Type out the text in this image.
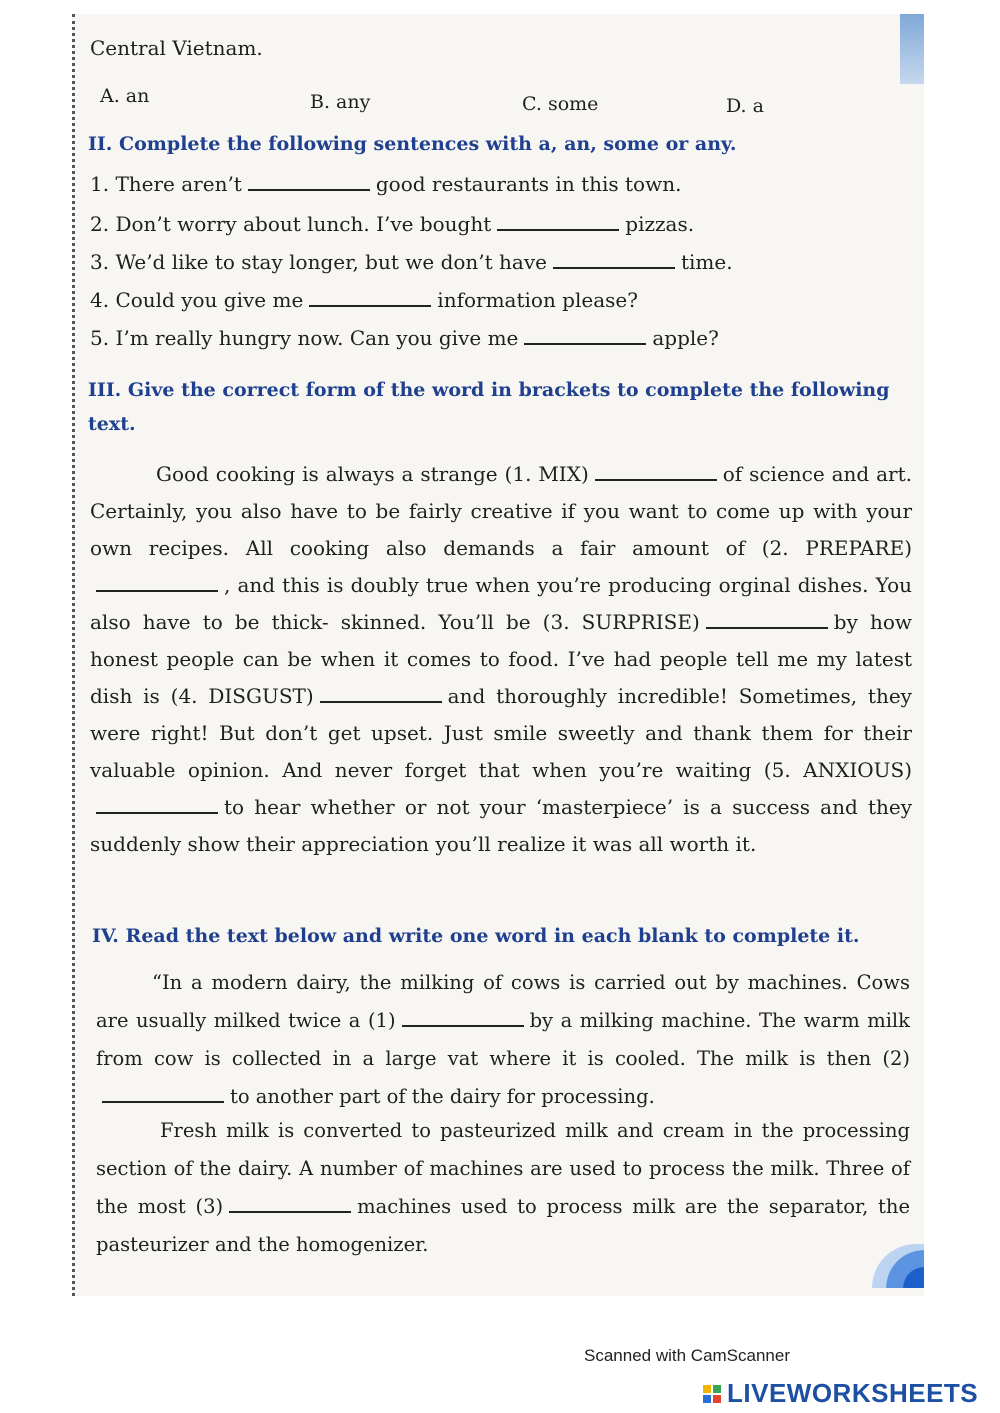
Central Vietnam.
A. an	B. any	C. some	D. a
II. Complete the following sentences with a, an, some or any.
1. There aren’t	good restaurants in this town.
2. Don’t worry about lunch. I’ve bought	pizzas.
3. We’d like to stay longer, but we don’t have	time.
4. Could you give me	information please?
5. I’m really hungry now. Can you give me	apple?
III. Give the correct form of the word in brackets to complete the following
text.
Good cooking is always a strange (1. MIX)	of science and art. Certainly, you also have to be fairly creative if you want to come up with your own recipes. All cooking also demands a fair amount of (2. PREPARE), and this is doubly true when you’re producing orginal dishes. You also have to be thick- skinned. You’ll be (3. SURPRISE)	by how honest people can be when it comes to food. I’ve had people tell me my latest dish is (4. DISGUST)	and thoroughly incredible! Sometimes, they were right! But don’t get upset. Just smile sweetly and thank them for their valuable opinion. And never forget that when you’re waiting (5. ANXIOUS)to hear whether or not your ‘masterpiece’ is a success and they suddenly show their appreciation you’ll realize it was all worth it.
IV. Read the text below and write one word in each blank to complete it.
“In a modern dairy, the milking of cows is carried out by machines. Cows are usually milked twice a (1)	by a milking machine. The warm milk from cow is collected in a large vat where it is cooled. The milk is then (2)to another part of the dairy for processing.
Fresh milk is converted to pasteurized milk and cream in the processing section of the dairy. A number of machines are used to process the milk. Three of the most (3)	machines used to process milk are the separator, the pasteurizer and the homogenizer.
Scanned with CamScanner
LIVEWORKSHEETS
